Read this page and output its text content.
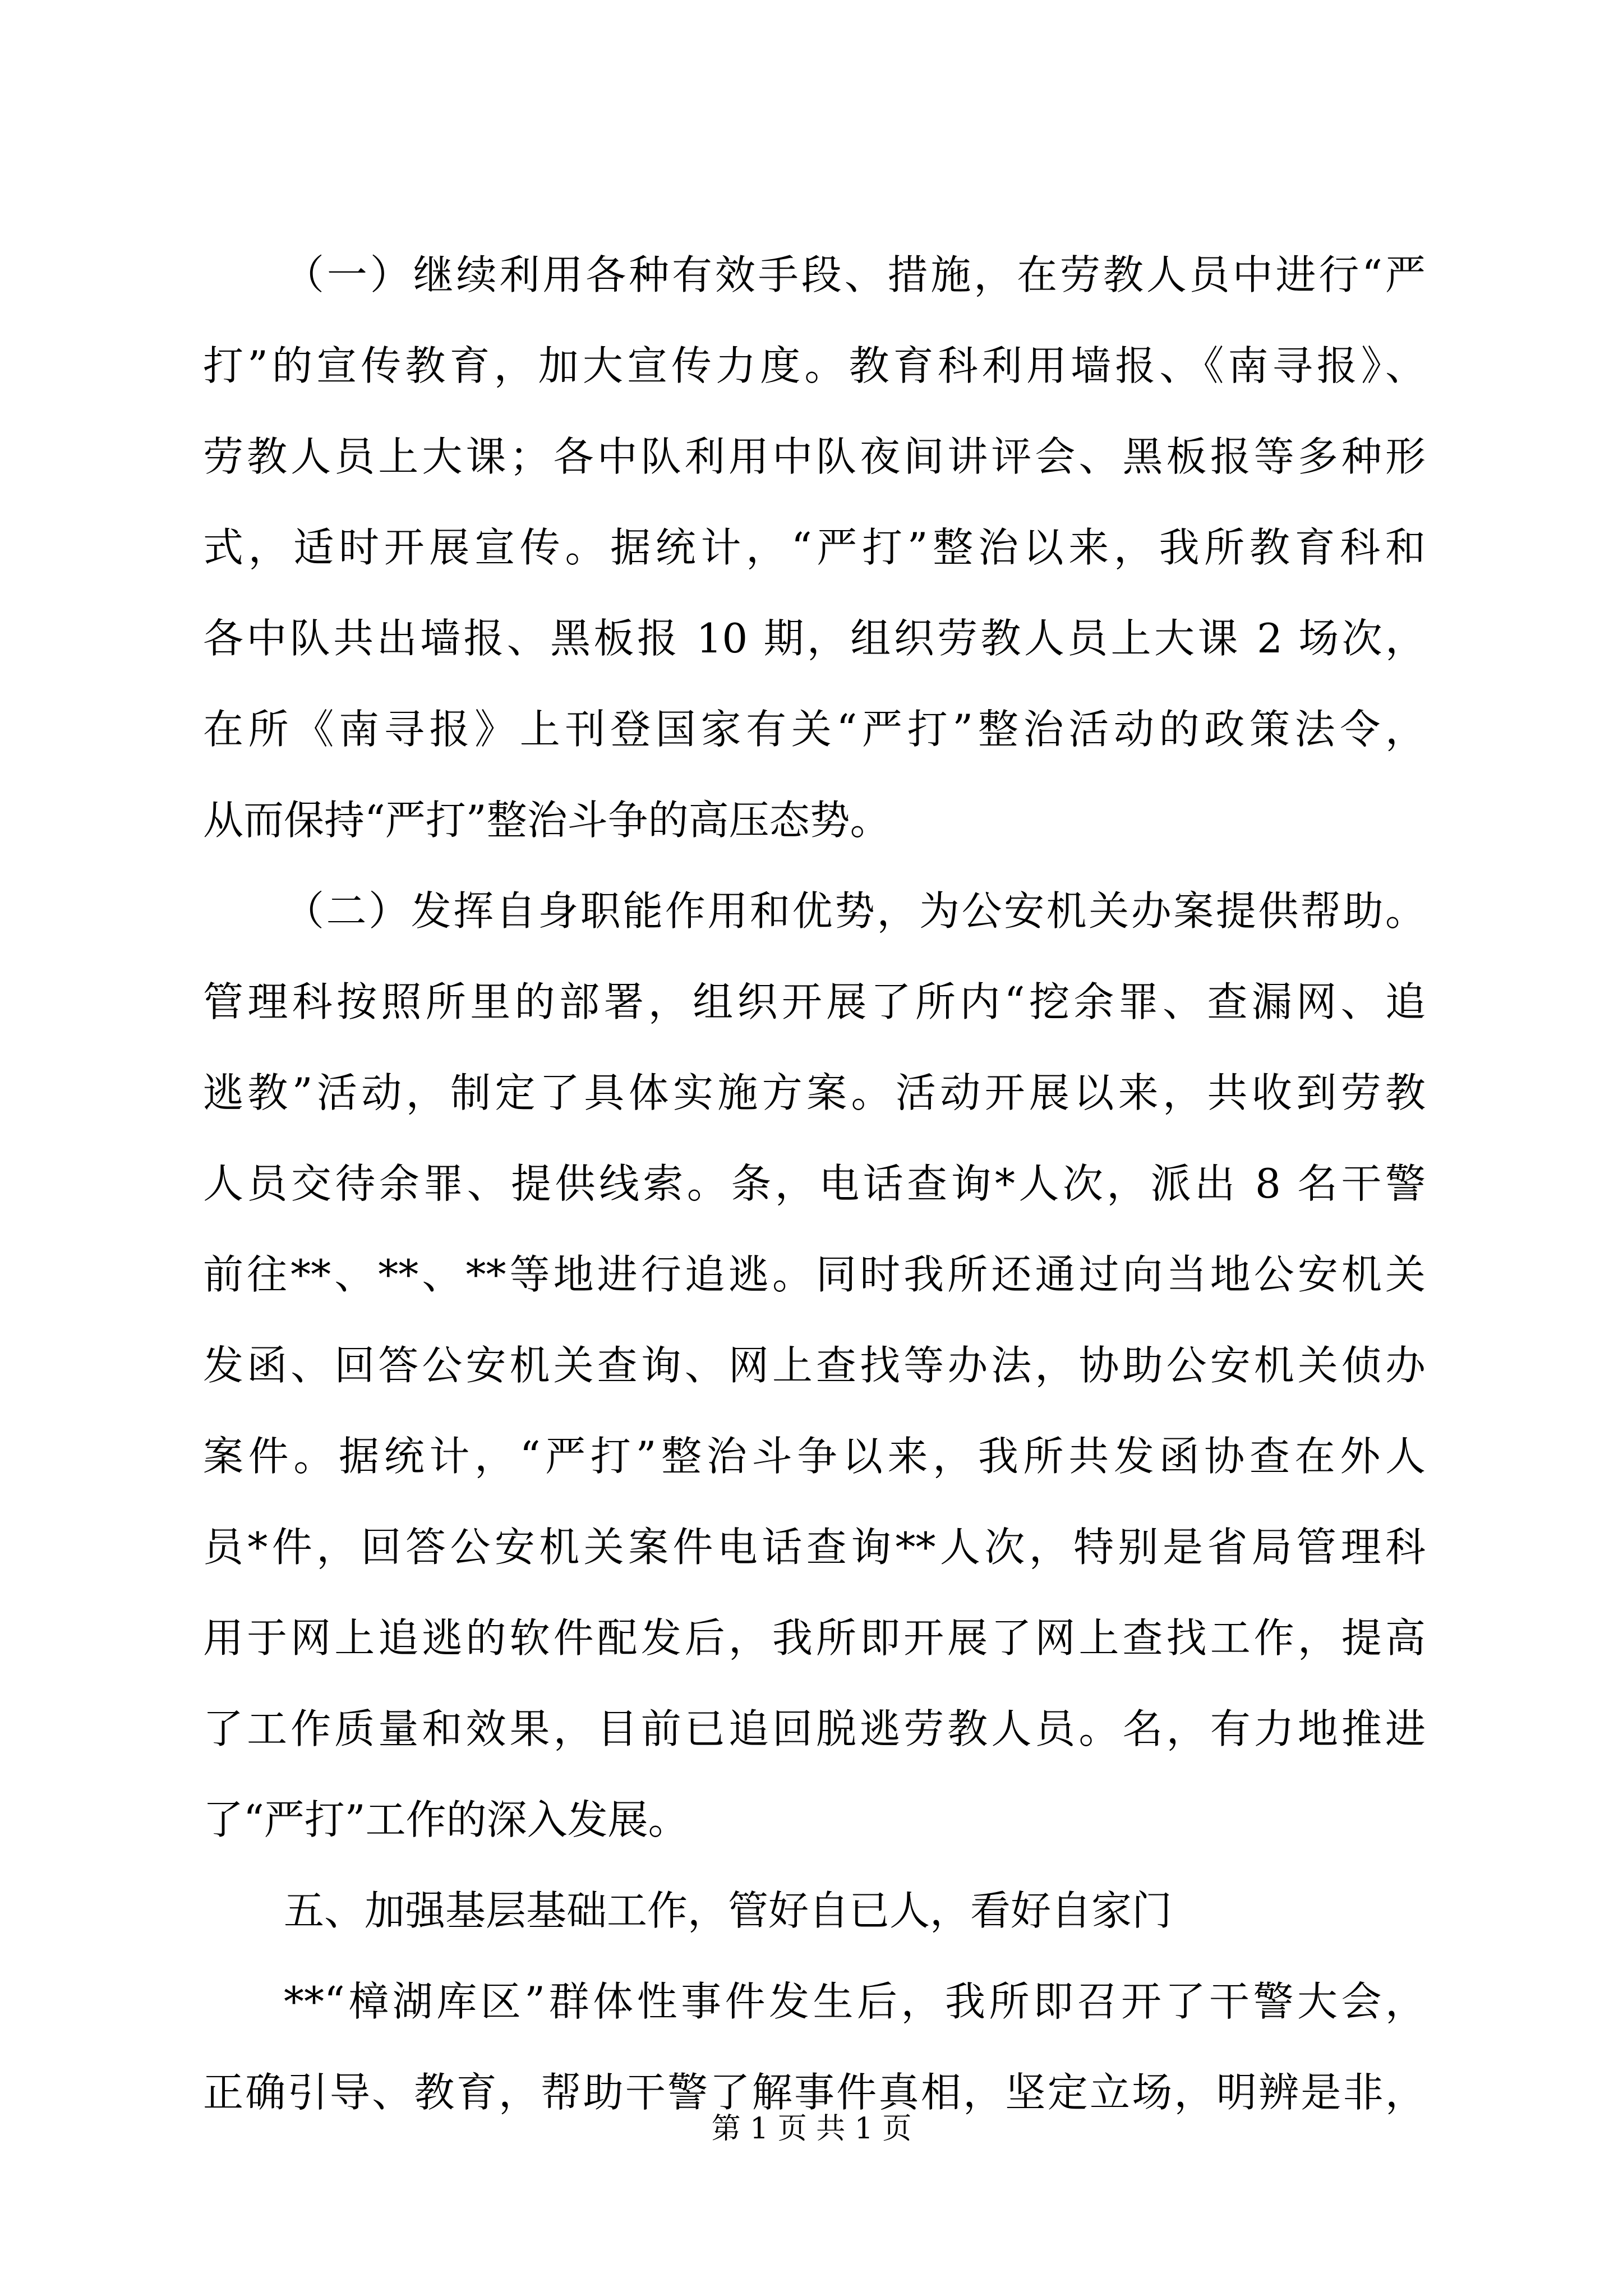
（一）继续利用各种有效手段、措施，在劳教人员中进行“严
打”的宣传教育，加大宣传力度。教育科利用墙报、《南寻报》、
劳教人员上大课；各中队利用中队夜间讲评会、黑板报等多种形
式，适时开展宣传。据统计，“严打”整治以来，我所教育科和
各中队共出墙报、黑板报 10 期，组织劳教人员上大课 2 场次，
在所《南寻报》上刊登国家有关“严打”整治活动的政策法令，
从而保持“严打”整治斗争的高压态势。
（二）发挥自身职能作用和优势，为公安机关办案提供帮助。
管理科按照所里的部署，组织开展了所内“挖余罪、查漏网、追
逃教”活动，制定了具体实施方案。活动开展以来，共收到劳教
人员交待余罪、提供线索。条，电话查询*人次，派出 8 名干警
前往**、**、**等地进行追逃。同时我所还通过向当地公安机关
发函、回答公安机关查询、网上查找等办法，协助公安机关侦办
案件。据统计，“严打”整治斗争以来，我所共发函协查在外人
员*件，回答公安机关案件电话查询**人次，特别是省局管理科
用于网上追逃的软件配发后，我所即开展了网上查找工作，提高
了工作质量和效果，目前已追回脱逃劳教人员。名，有力地推进
了“严打”工作的深入发展。
五、加强基层基础工作，管好自已人，看好自家门
**“樟湖库区”群体性事件发生后，我所即召开了干警大会，
正确引导、教育，帮助干警了解事件真相，坚定立场，明辨是非，
第 1 页 共 1 页
